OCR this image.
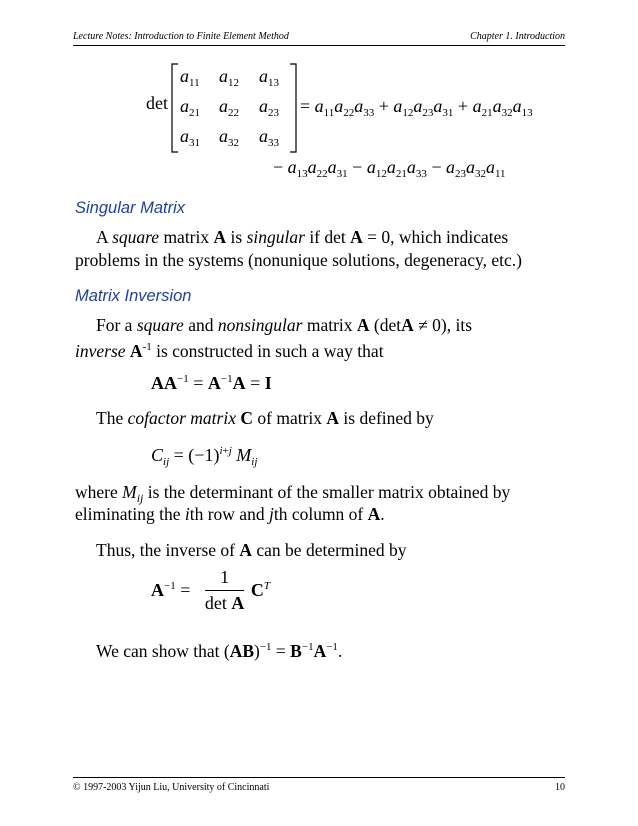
Lecture Notes: Introduction to Finite Element Method	Chapter 1. Introduction
det
$a_{11}$ $a_{12}$ $a_{13}$
$a_{21}$ $a_{22}$ $a_{23}$
$a_{31}$ $a_{32}$ $a_{33}$
= $a_{11}a_{22}a_{33} + a_{12}a_{23}a_{31} + a_{21}a_{32}a_{13}$
− $a_{13}a_{22}a_{31} - a_{12}a_{21}a_{33} - a_{23}a_{32}a_{11}$
Singular Matrix
A square matrix A is singular if det A = 0, which indicates
problems in the systems (nonunique solutions, degeneracy, etc.)
Matrix Inversion
For a square and nonsingular matrix A (detA ≠ 0), its
inverse $A^{-1}$ is constructed in such a way that
$AA^{-1} = A^{-1}A = I$
The cofactor matrix C of matrix A is defined by
$C_{ij} = (-1)^{i+j}$ $M_{ij}$
where $M_{ij}$ is the determinant of the smaller matrix obtained by
eliminating the ith row and jth column of A.
Thus, the inverse of A can be determined by
$A^{-1} = \frac{1}{\text{det A}} C^T$
We can show that $(AB)^{-1} = B^{-1}A^{-1}$.
© 1997-2003 Yijun Liu, University of Cincinnati	10
